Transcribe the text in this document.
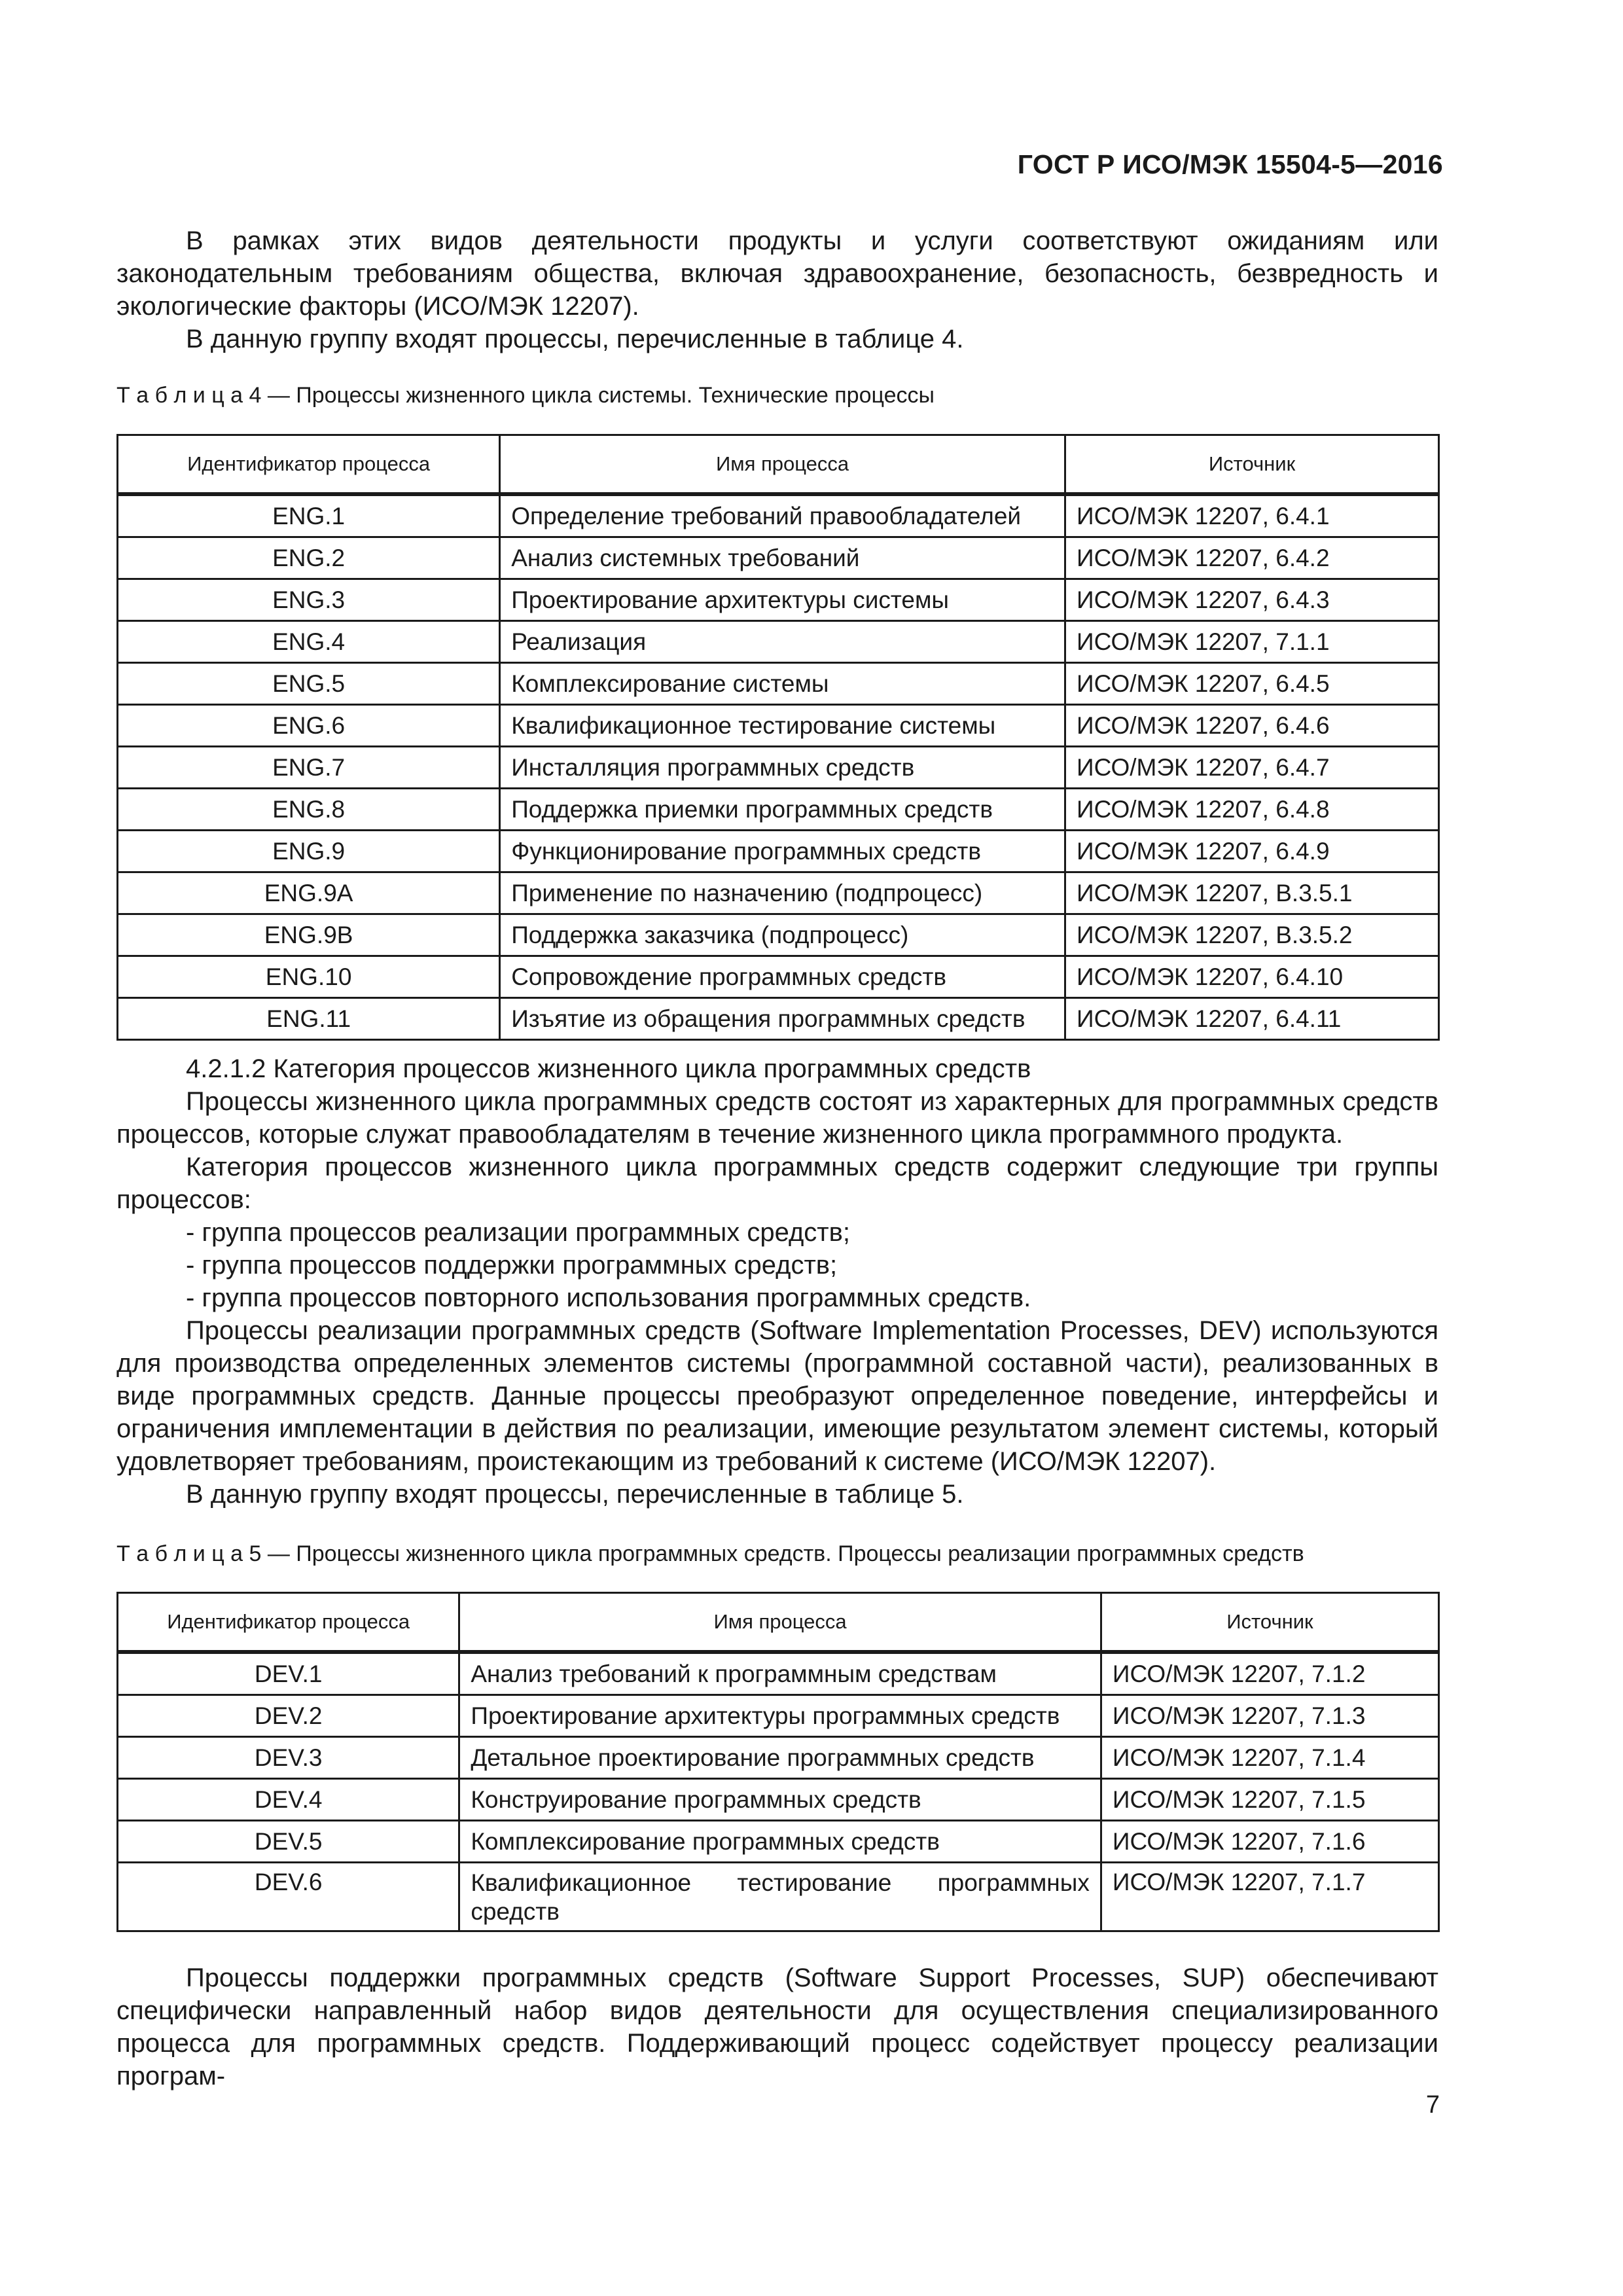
ГОСТ Р ИСО/МЭК 15504-5—2016

В рамках этих видов деятельности продукты и услуги соответствуют ожиданиям или законодательным требованиям общества, включая здравоохранение, безопасность, безвредность и экологические факторы (ИСО/МЭК 12207).

В данную группу входят процессы, перечисленные в таблице 4.

Т а б л и ц а 4 — Процессы жизненного цикла системы. Технические процессы
Идентификатор процесса	Имя процесса	Источник
ENG.1	Определение требований правообладателей	ИСО/МЭК 12207, 6.4.1
ENG.2	Анализ системных требований	ИСО/МЭК 12207, 6.4.2
ENG.3	Проектирование архитектуры системы	ИСО/МЭК 12207, 6.4.3
ENG.4	Реализация	ИСО/МЭК 12207, 7.1.1
ENG.5	Комплексирование системы	ИСО/МЭК 12207, 6.4.5
ENG.6	Квалификационное тестирование системы	ИСО/МЭК 12207, 6.4.6
ENG.7	Инсталляция программных средств	ИСО/МЭК 12207, 6.4.7
ENG.8	Поддержка приемки программных средств	ИСО/МЭК 12207, 6.4.8
ENG.9	Функционирование программных средств	ИСО/МЭК 12207, 6.4.9
ENG.9A	Применение по назначению (подпроцесс)	ИСО/МЭК 12207, В.3.5.1
ENG.9B	Поддержка заказчика (подпроцесс)	ИСО/МЭК 12207, В.3.5.2
ENG.10	Сопровождение программных средств	ИСО/МЭК 12207, 6.4.10
ENG.11	Изъятие из обращения программных средств	ИСО/МЭК 12207, 6.4.11

4.2.1.2 Категория процессов жизненного цикла программных средств

Процессы жизненного цикла программных средств состоят из характерных для программных средств процессов, которые служат правообладателям в течение жизненного цикла программного продукта.

Категория процессов жизненного цикла программных средств содержит следующие три группы процессов:

- группа процессов реализации программных средств;

- группа процессов поддержки программных средств;

- группа процессов повторного использования программных средств.

Процессы реализации программных средств (Software Implementation Processes, DEV) используются для производства определенных элементов системы (программной составной части), реализованных в виде программных средств. Данные процессы преобразуют определенное поведение, интерфейсы и ограничения имплементации в действия по реализации, имеющие результатом элемент системы, который удовлетворяет требованиям, проистекающим из требований к системе (ИСО/МЭК 12207).

В данную группу входят процессы, перечисленные в таблице 5.

Т а б л и ц а 5 — Процессы жизненного цикла программных средств. Процессы реализации программных средств
Идентификатор процесса	Имя процесса	Источник
DEV.1	Анализ требований к программным средствам	ИСО/МЭК 12207, 7.1.2
DEV.2	Проектирование архитектуры программных средств	ИСО/МЭК 12207, 7.1.3
DEV.3	Детальное проектирование программных средств	ИСО/МЭК 12207, 7.1.4
DEV.4	Конструирование программных средств	ИСО/МЭК 12207, 7.1.5
DEV.5	Комплексирование программных средств	ИСО/МЭК 12207, 7.1.6
DEV.6	Квалификационное тестирование программных средств	ИСО/МЭК 12207, 7.1.7

Процессы поддержки программных средств (Software Support Processes, SUP) обеспечивают специфически направленный набор видов деятельности для осуществления специализированного процесса для программных средств. Поддерживающий процесс содействует процессу реализации програм-

7
